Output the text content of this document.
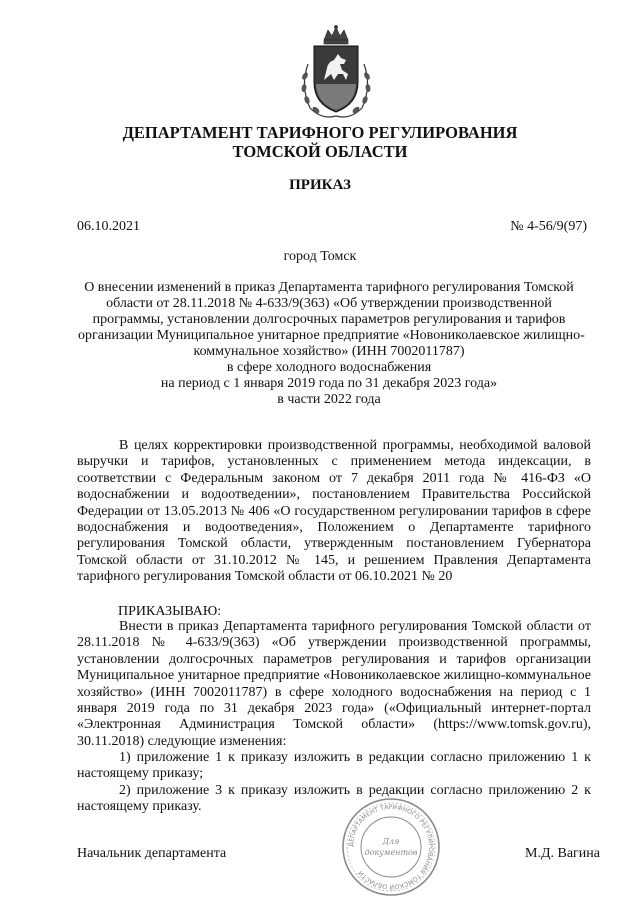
ДЕПАРТАМЕНТ ТАРИФНОГО РЕГУЛИРОВАНИЯ
ТОМСКОЙ ОБЛАСТИ
ПРИКАЗ
06.10.2021	№ 4-56/9(97)
город Томск
О внесении изменений в приказ Департамента тарифного регулирования Томской
области от 28.11.2018 № 4-633/9(363) «Об утверждении производственной
программы, установлении долгосрочных параметров регулирования и тарифов
организации Муниципальное унитарное предприятие «Новониколаевское жилищно-
коммунальное хозяйство» (ИНН 7002011787)
в сфере холодного водоснабжения
на период с 1 января 2019 года по 31 декабря 2023 года»
в части 2022 года
В целях корректировки производственной программы, необходимой валовой выручки и тарифов, установленных с применением метода индексации, в соответствии с Федеральным законом от 7 декабря 2011 года № 416-ФЗ «О водоснабжении и водоотведении», постановлением Правительства Российской Федерации от 13.05.2013 № 406 «О государственном регулировании тарифов в сфере водоснабжения и водоотведения», Положением о Департаменте тарифного регулирования Томской области, утвержденным постановлением Губернатора Томской области от 31.10.2012 № 145, и решением Правления Департамента тарифного регулирования Томской области от 06.10.2021 № 20
ПРИКАЗЫВАЮ:
Внести в приказ Департамента тарифного регулирования Томской области от 28.11.2018 № 4-633/9(363) «Об утверждении производственной программы, установлении долгосрочных параметров регулирования и тарифов организации Муниципальное унитарное предприятие «Новониколаевское жилищно-коммунальное хозяйство» (ИНН 7002011787) в сфере холодного водоснабжения на период с 1 января 2019 года по 31 декабря 2023 года» («Официальный интернет-портал «Электронная Администрация Томской области» (https://www.tomsk.gov.ru), 30.11.2018) следующие изменения:
1) приложение 1 к приказу изложить в редакции согласно приложению 1 к настоящему приказу;
2) приложение 3 к приказу изложить в редакции согласно приложению 2 к настоящему приказу.
ДЕПАРТАМЕНТ ТАРИФНОГО РЕГУЛИРОВАНИЯ ТОМСКОЙ ОБЛАСТИ
Для
документов
Начальник департамента	М.Д. Вагина
